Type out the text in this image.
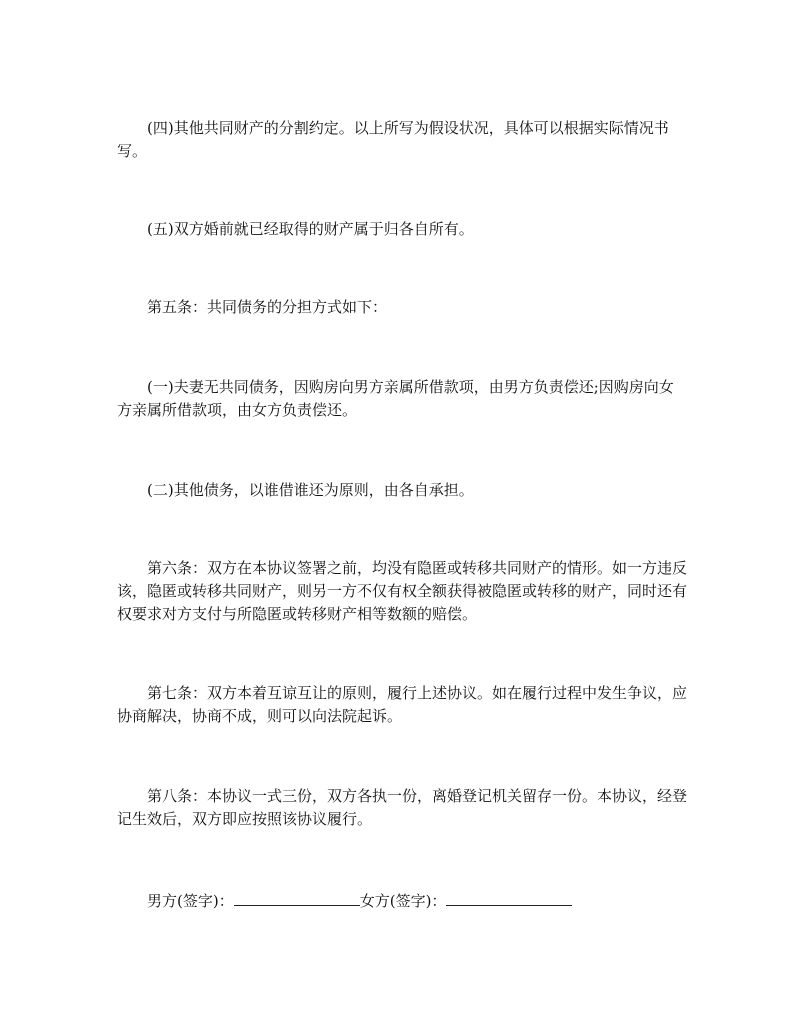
(四)其他共同财产的分割约定。以上所写为假设状况，具体可以根据实际情况书写。

(五)双方婚前就已经取得的财产属于归各自所有。

第五条：共同债务的分担方式如下：

(一)夫妻无共同债务，因购房向男方亲属所借款项，由男方负责偿还;因购房向女方亲属所借款项，由女方负责偿还。

(二)其他债务，以谁借谁还为原则，由各自承担。

第六条：双方在本协议签署之前，均没有隐匿或转移共同财产的情形。如一方违反该，隐匿或转移共同财产，则另一方不仅有权全额获得被隐匿或转移的财产，同时还有权要求对方支付与所隐匿或转移财产相等数额的赔偿。

第七条：双方本着互谅互让的原则，履行上述协议。如在履行过程中发生争议，应协商解决，协商不成，则可以向法院起诉。

第八条：本协议一式三份，双方各执一份，离婚登记机关留存一份。本协议，经登记生效后，双方即应按照该协议履行。

男方(签字)：	女方(签字)：
